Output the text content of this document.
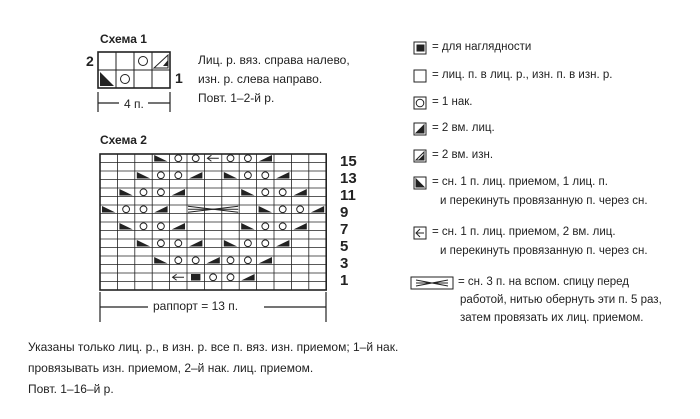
Схема 1
2
1
4 п.
Лиц. р. вяз. справа налево,
изн. р. слева направо.
Повт. 1–2-й р.
Схема 2
15
13
11
9
7
5
3
1
раппорт = 13 п.
= для наглядности
= лиц. п. в лиц. р., изн. п. в изн. р.
= 1 нак.
= 2 вм. лиц.
= 2 вм. изн.
= сн. 1 п. лиц. приемом, 1 лиц. п.
и перекинуть провязанную п. через сн.
= сн. 1 п. лиц. приемом, 2 вм. лиц.
и перекинуть провязанную п. через сн.
= сн. 3 п. на вспом. спицу перед
работой, нитью обернуть эти п. 5 раз,
затем провязать их лиц. приемом.
Указаны только лиц. р., в изн. р. все п. вяз. изн. приемом; 1–й нак.
провязывать изн. приемом, 2–й нак. лиц. приемом.
Повт. 1–16–й р.
